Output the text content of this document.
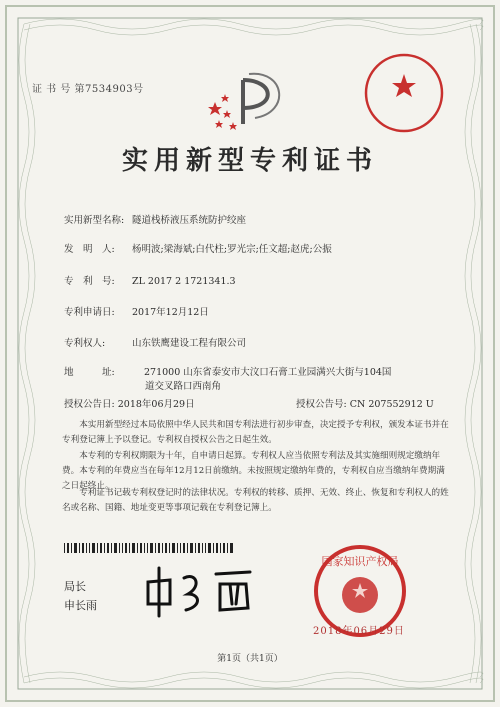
证 书 号 第7534903号
实用新型专利证书
实用新型名称: 隧道栈桥液压系统防护绞座
发　明　人: 杨明波;梁海斌;白代柱;罗光宗;任文超;赵虎;公振
专　利　号: ZL 2017 2 1721341.3
专利申请日: 2017年12月12日
专利权人:	山东铁鹰建设工程有限公司
地　　　址:	271000 山东省泰安市大汶口石膏工业园满兴大街与104国
道交叉路口西南角
授权公告日: 2018年06月29日	授权公告号: CN 207552912 U
本实用新型经过本局依照中华人民共和国专利法进行初步审查，决定授予专利权，颁发本证书并在专利登记簿上予以登记。专利权自授权公告之日起生效。
本专利的专利权期限为十年，自申请日起算。专利权人应当依照专利法及其实施细则规定缴纳年费。本专利的年费应当在每年12月12日前缴纳。未按照规定缴纳年费的，专利权自应当缴纳年费期满之日起终止。
专利证书记载专利权登记时的法律状况。专利权的转移、质押、无效、终止、恢复和专利权人的姓名或名称、国籍、地址变更等事项记载在专利登记簿上。
局长
申长雨
国家知识产权局
2018年06月29日
第1页（共1页）
